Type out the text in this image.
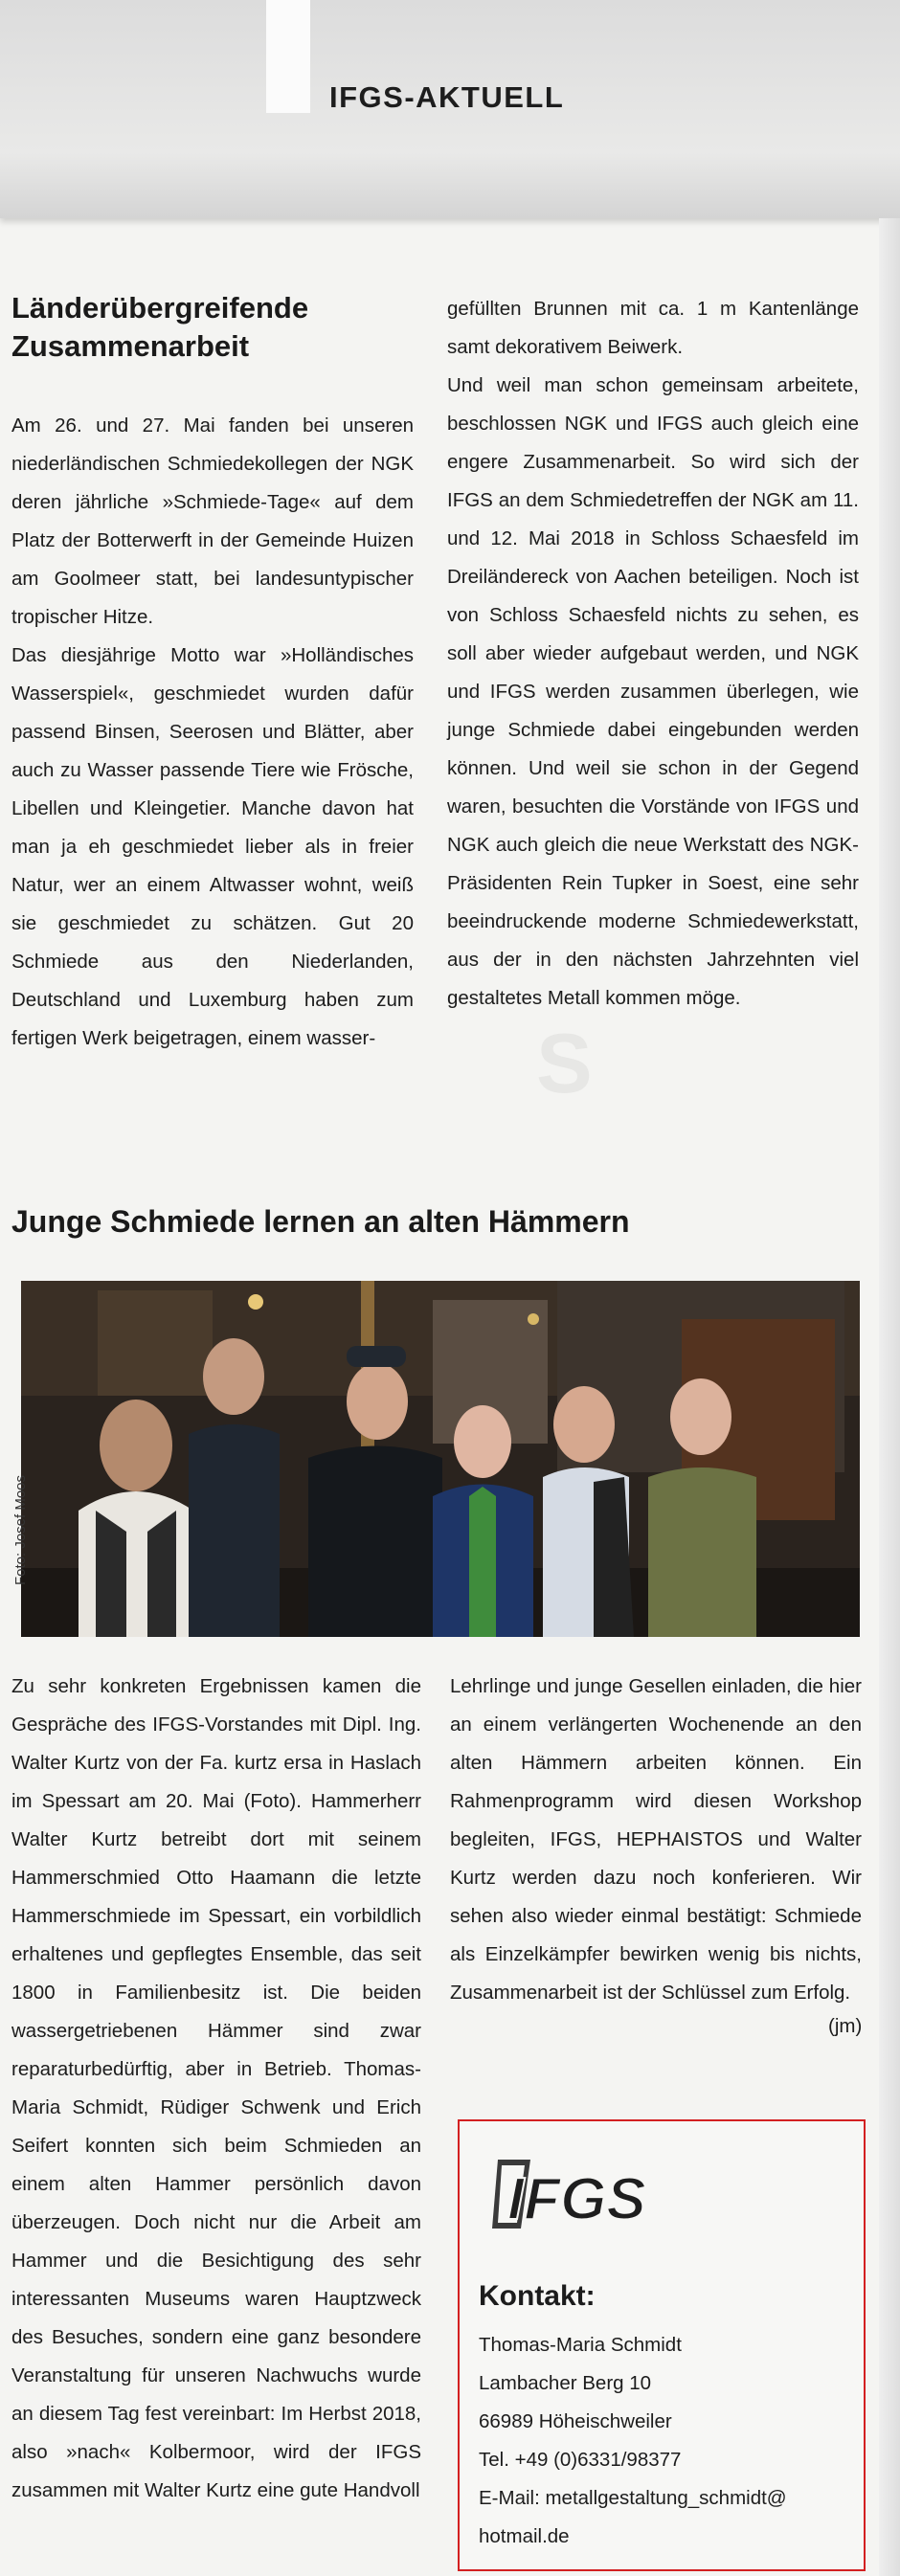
IFGS-AKTUELL
Länderübergreifende
Zusammenarbeit

Am 26. und 27. Mai fanden bei unseren niederländischen Schmiedekollegen der NGK deren jährliche »Schmiede-Tage« auf dem Platz der Botterwerft in der Gemeinde Huizen am Goolmeer statt, bei landesuntypischer tropischer Hitze.

Das diesjährige Motto war »Holländisches Wasserspiel«, geschmiedet wurden dafür passend Binsen, Seerosen und Blätter, aber auch zu Wasser passende Tiere wie Frösche, Libellen und Kleingetier. Manche davon hat man ja eh geschmiedet lieber als in freier Natur, wer an einem Altwasser wohnt, weiß sie geschmiedet zu schätzen. Gut 20 Schmiede aus den Niederlanden, Deutschland und Luxemburg haben zum fertigen Werk beigetragen, einem wasser-

gefüllten Brunnen mit ca. 1 m Kantenlänge samt dekorativem Beiwerk.

Und weil man schon gemeinsam arbeitete, beschlossen NGK und IFGS auch gleich eine engere Zusammenarbeit. So wird sich der IFGS an dem Schmiedetreffen der NGK am 11. und 12. Mai 2018 in Schloss Schaesfeld im Dreiländereck von Aachen beteiligen. Noch ist von Schloss Schaesfeld nichts zu sehen, es soll aber wieder aufgebaut werden, und NGK und IFGS werden zusammen überlegen, wie junge Schmiede dabei eingebunden werden können. Und weil sie schon in der Gegend waren, besuchten die Vorstände von IFGS und NGK auch gleich die neue Werkstatt des NGK-Präsidenten Rein Tupker in Soest, eine sehr beeindruckende moderne Schmiedewerkstatt, aus der in den nächsten Jahrzehnten viel gestaltetes Metall kommen möge.

S
Junge Schmiede lernen an alten Hämmern
Foto: Josef Moos

Zu sehr konkreten Ergebnissen kamen die Gespräche des IFGS-Vorstandes mit Dipl. Ing. Walter Kurtz von der Fa. kurtz ersa in Haslach im Spessart am 20. Mai (Foto). Hammerherr Walter Kurtz betreibt dort mit seinem Hammerschmied Otto Haamann die letzte Hammerschmiede im Spessart, ein vorbildlich erhaltenes und gepflegtes Ensemble, das seit 1800 in Familienbesitz ist. Die beiden wassergetriebenen Hämmer sind zwar reparaturbedürftig, aber in Betrieb. Thomas-Maria Schmidt, Rüdiger Schwenk und Erich Seifert konnten sich beim Schmieden an einem alten Hammer persönlich davon überzeugen. Doch nicht nur die Arbeit am Hammer und die Besichtigung des sehr interessanten Museums waren Hauptzweck des Besuches, sondern eine ganz besondere Veranstaltung für unseren Nachwuchs wurde an diesem Tag fest vereinbart: Im Herbst 2018, also »nach« Kolbermoor, wird der IFGS zusammen mit Walter Kurtz eine gute Handvoll

Lehrlinge und junge Gesellen einladen, die hier an einem verlängerten Wochenende an den alten Hämmern arbeiten können. Ein Rahmenprogramm wird diesen Workshop begleiten, IFGS, HEPHAISTOS und Walter Kurtz werden dazu noch konferieren. Wir sehen also wieder einmal bestätigt: Schmiede als Einzelkämpfer bewirken wenig bis nichts, Zusammenarbeit ist der Schlüssel zum Erfolg.

(jm)
IFGS
Kontakt:
Thomas-Maria Schmidt
Lambacher Berg 10
66989 Höheischweiler
Tel. +49 (0)6331/98377
E-Mail: metallgestaltung_schmidt@
hotmail.de
